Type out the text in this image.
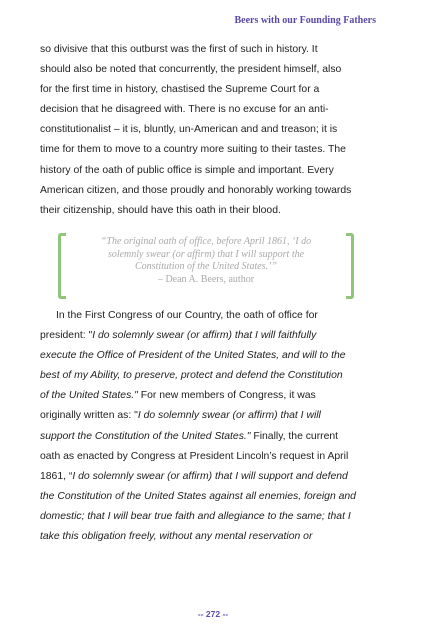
Beers with our Founding Fathers
so divisive that this outburst was the first of such in history. It
should also be noted that concurrently, the president himself, also
for the first time in history, chastised the Supreme Court for a
decision that he disagreed with. There is no excuse for an anti-
constitutionalist – it is, bluntly, un-American and and treason; it is
time for them to move to a country more suiting to their tastes. The
history of the oath of public office is simple and important. Every
American citizen, and those proudly and honorably working towards
their citizenship, should have this oath in their blood.
“The original oath of office, before April 1861, ‘I do
solemnly swear (or affirm) that I will support the
Constitution of the United States.’”
– Dean A. Beers, author
In the First Congress of our Country, the oath of office for
president: "I do solemnly swear (or affirm) that I will faithfully
execute the Office of President of the United States, and will to the
best of my Ability, to preserve, protect and defend the Constitution
of the United States." For new members of Congress, it was
originally written as: "I do solemnly swear (or affirm) that I will
support the Constitution of the United States." Finally, the current
oath as enacted by Congress at President Lincoln’s request in April
1861, “I do solemnly swear (or affirm) that I will support and defend
the Constitution of the United States against all enemies, foreign and
domestic; that I will bear true faith and allegiance to the same; that I
take this obligation freely, without any mental reservation or
-- 272 --
